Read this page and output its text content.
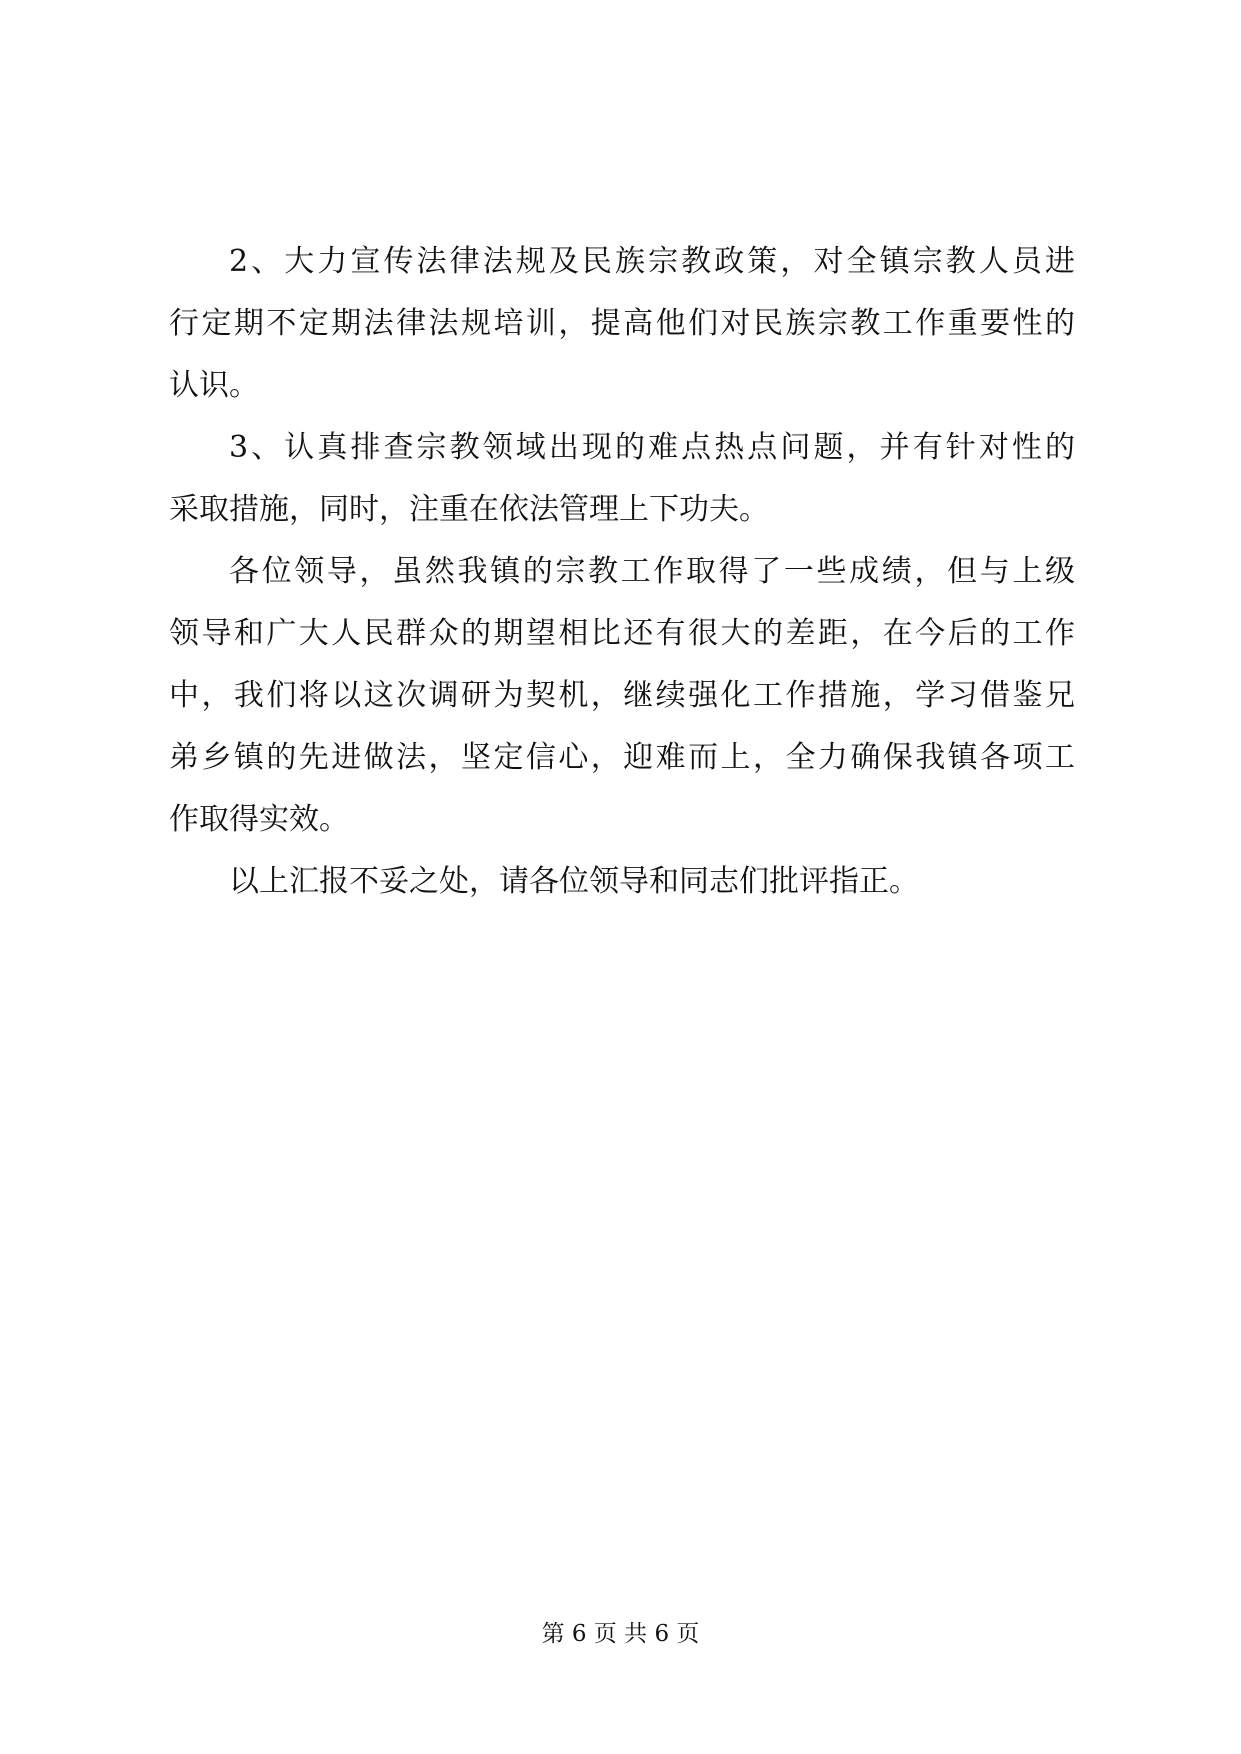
2、大力宣传法律法规及民族宗教政策，对全镇宗教人员进
行定期不定期法律法规培训，提高他们对民族宗教工作重要性的
认识。
3、认真排查宗教领域出现的难点热点问题，并有针对性的
采取措施，同时，注重在依法管理上下功夫。
各位领导，虽然我镇的宗教工作取得了一些成绩，但与上级
领导和广大人民群众的期望相比还有很大的差距，在今后的工作
中，我们将以这次调研为契机，继续强化工作措施，学习借鉴兄
弟乡镇的先进做法，坚定信心，迎难而上，全力确保我镇各项工
作取得实效。
以上汇报不妥之处，请各位领导和同志们批评指正。
第 6 页 共 6 页
